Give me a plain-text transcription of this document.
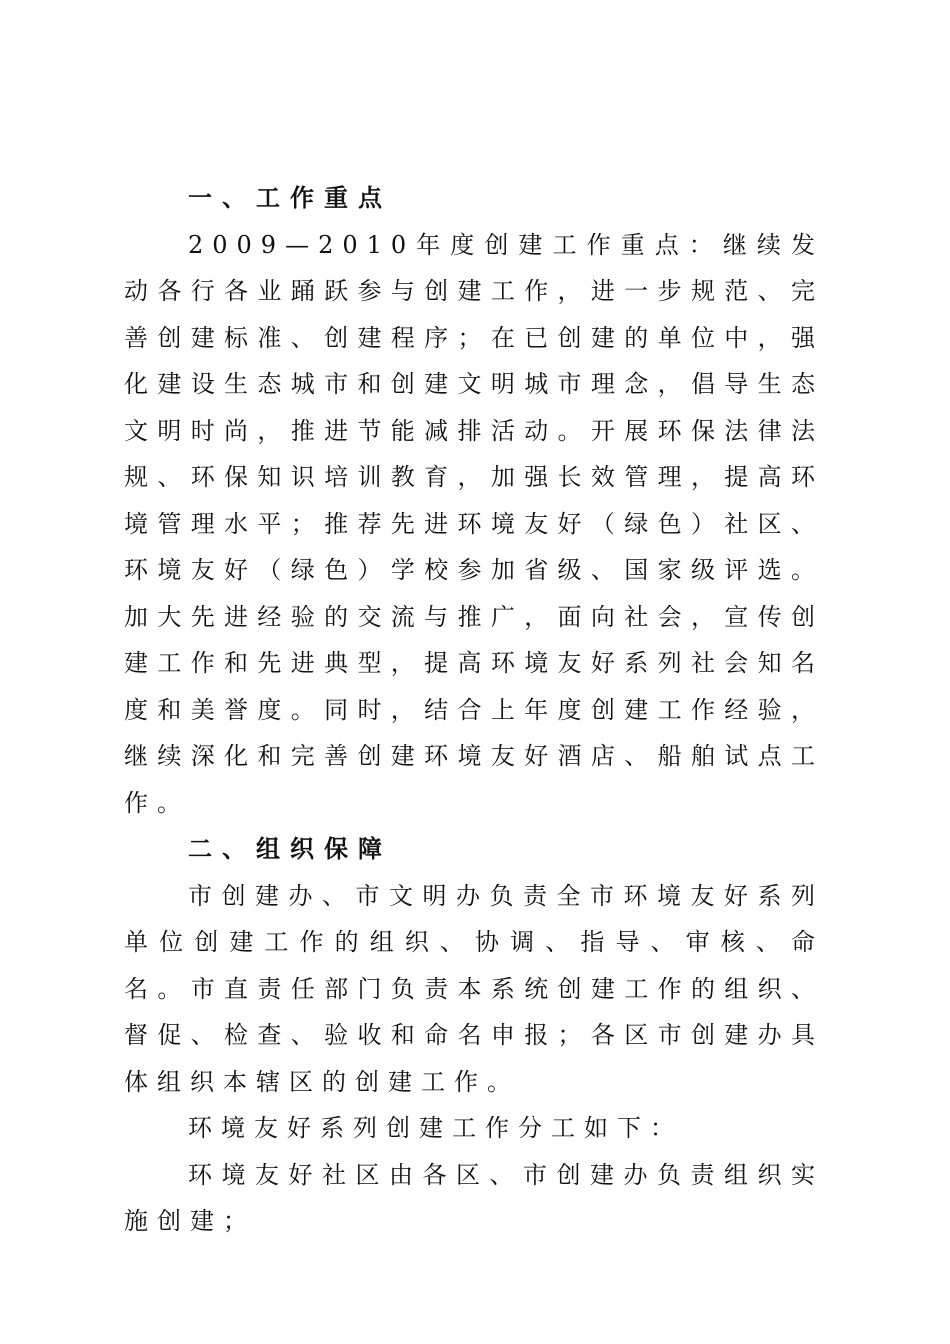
一、工作重点

2009—2010年度创建工作重点：继续发动各行各业踊跃参与创建工作，进一步规范、完善创建标准、创建程序；在已创建的单位中，强化建设生态城市和创建文明城市理念，倡导生态文明时尚，推进节能减排活动。开展环保法律法规、环保知识培训教育，加强长效管理，提高环境管理水平；推荐先进环境友好（绿色）社区、环境友好（绿色）学校参加省级、国家级评选。加大先进经验的交流与推广，面向社会，宣传创建工作和先进典型，提高环境友好系列社会知名度和美誉度。同时，结合上年度创建工作经验，继续深化和完善创建环境友好酒店、船舶试点工作。

二、组织保障

市创建办、市文明办负责全市环境友好系列单位创建工作的组织、协调、指导、审核、命名。市直责任部门负责本系统创建工作的组织、督促、检查、验收和命名申报；各区市创建办具体组织本辖区的创建工作。

环境友好系列创建工作分工如下：

环境友好社区由各区、市创建办负责组织实施创建；
